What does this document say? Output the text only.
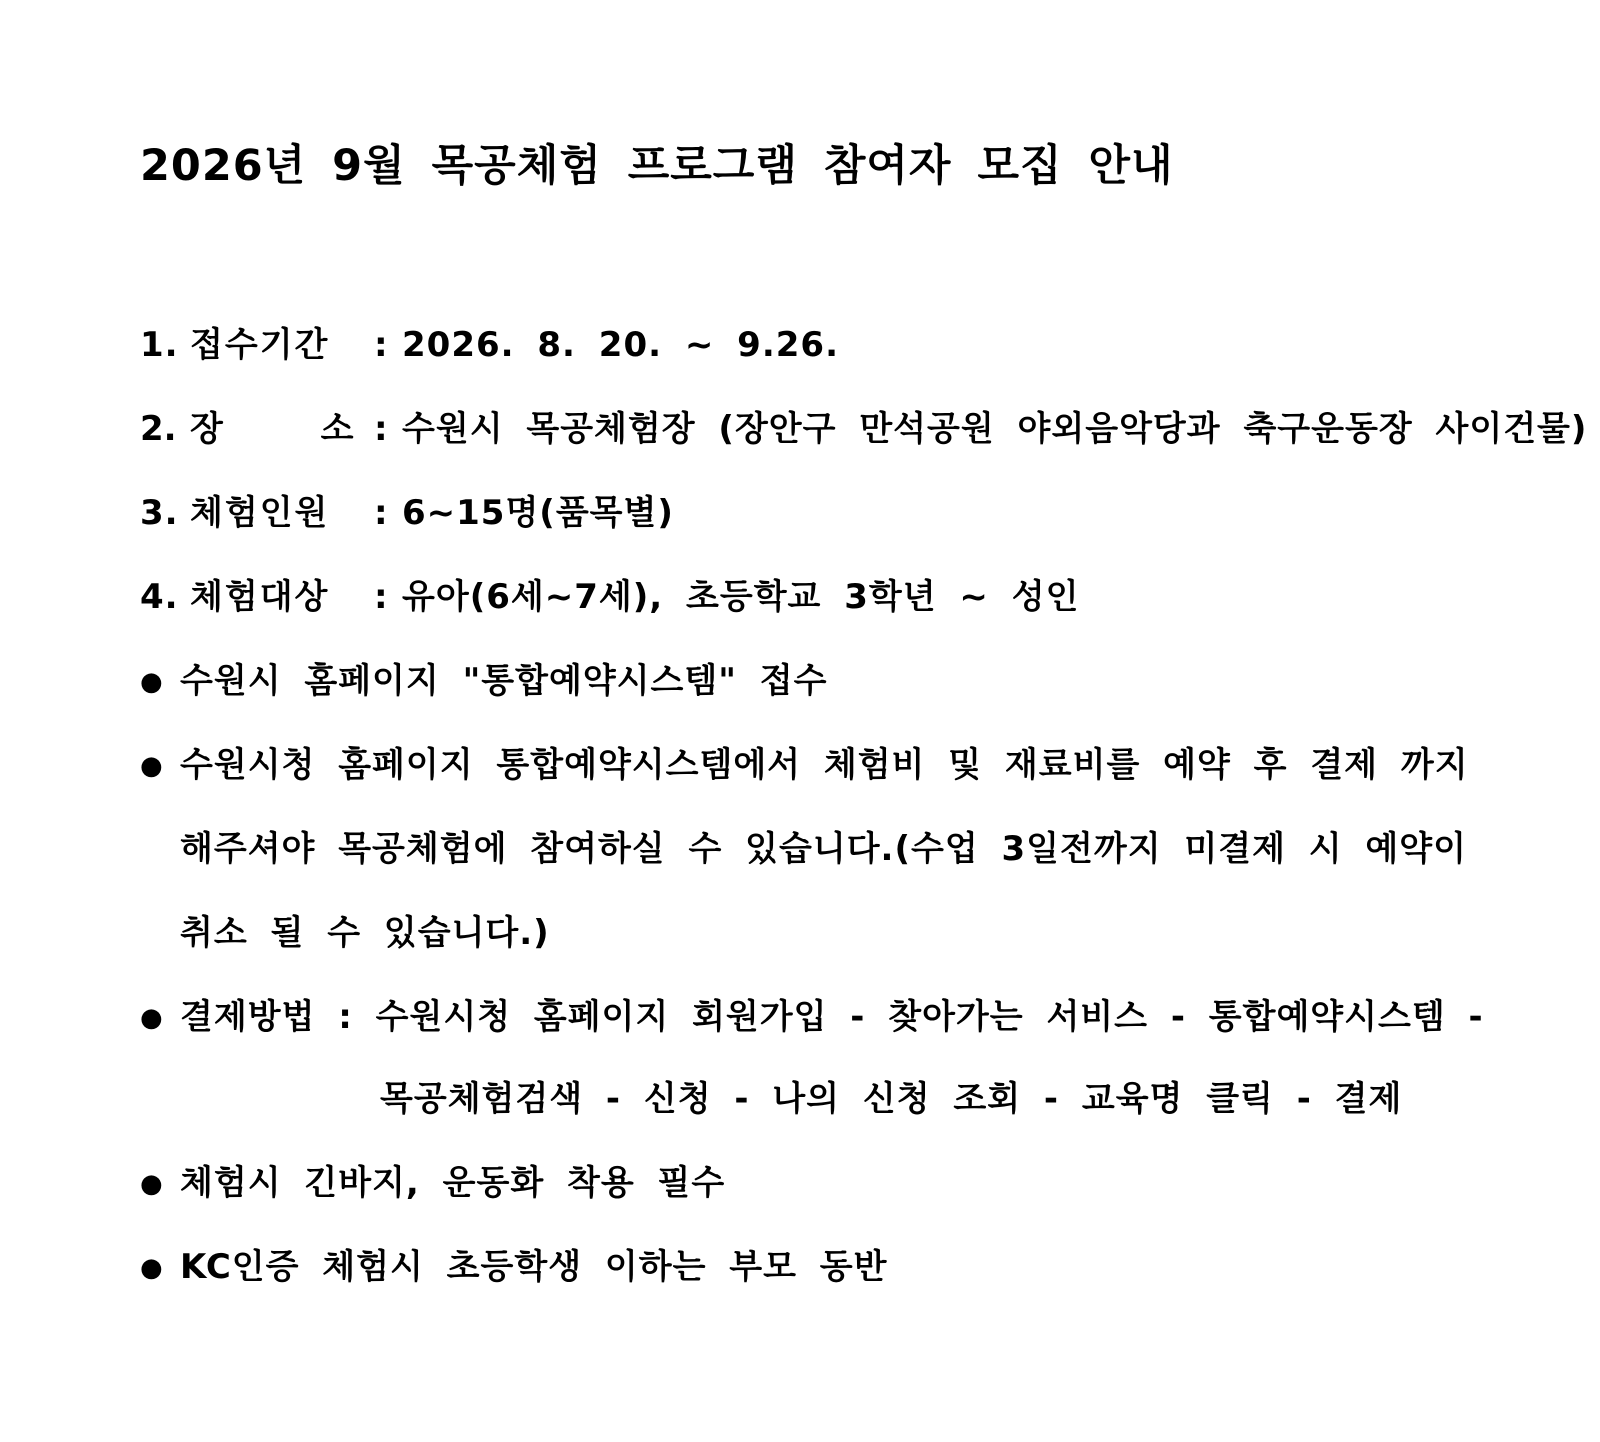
2026년 9월 목공체험 프로그램 참여자 모집 안내
1. 접수기간 : 2026. 8. 20. ~ 9.26.
2. 장 소 : 수원시 목공체험장 (장안구 만석공원 야외음악당과 축구운동장 사이건물)
3. 체험인원 : 6~15명(품목별)
4. 체험대상 : 유아(6세~7세), 초등학교 3학년 ~ 성인
● 수원시 홈페이지 "통합예약시스템" 접수
● 수원시청 홈페이지 통합예약시스템에서 체험비 및 재료비를 예약 후 결제 까지
해주셔야 목공체험에 참여하실 수 있습니다.(수업 3일전까지 미결제 시 예약이
취소 될 수 있습니다.)
● 결제방법 : 수원시청 홈페이지 회원가입 - 찾아가는 서비스 - 통합예약시스템 -
목공체험검색 - 신청 - 나의 신청 조회 - 교육명 클릭 - 결제
● 체험시 긴바지, 운동화 착용 필수
● KC인증 체험시 초등학생 이하는 부모 동반
